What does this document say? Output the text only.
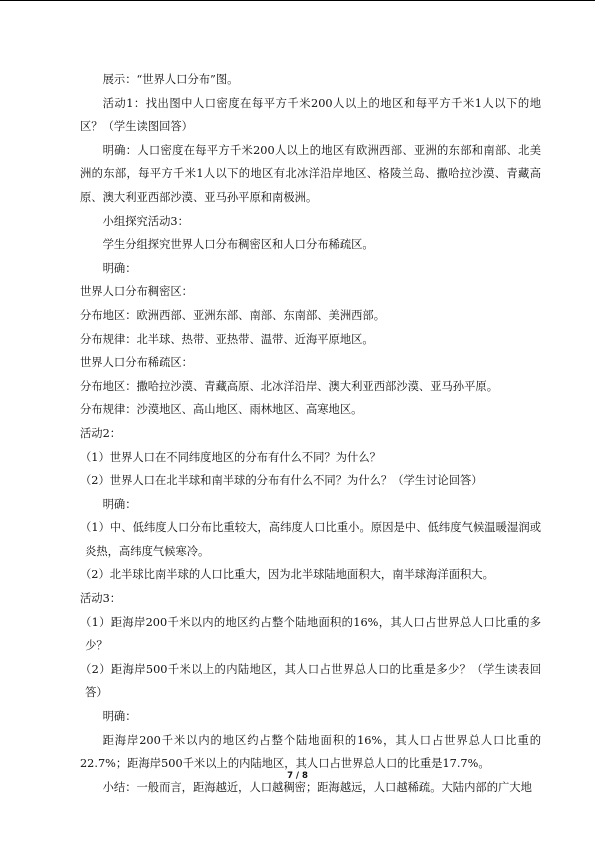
展示：“世界人口分布”图。

活动1：找出图中人口密度在每平方千米200人以上的地区和每平方千米1人以下的地区？（学生读图回答）

明确：人口密度在每平方千米200人以上的地区有欧洲西部、亚洲的东部和南部、北美洲的东部，每平方千米1人以下的地区有北冰洋沿岸地区、格陵兰岛、撒哈拉沙漠、青藏高原、澳大利亚西部沙漠、亚马孙平原和南极洲。

小组探究活动3：

学生分组探究世界人口分布稠密区和人口分布稀疏区。

明确：

世界人口分布稠密区：

分布地区：欧洲西部、亚洲东部、南部、东南部、美洲西部。

分布规律：北半球、热带、亚热带、温带、近海平原地区。

世界人口分布稀疏区：

分布地区：撒哈拉沙漠、青藏高原、北冰洋沿岸、澳大利亚西部沙漠、亚马孙平原。

分布规律：沙漠地区、高山地区、雨林地区、高寒地区。

活动2：

（1）世界人口在不同纬度地区的分布有什么不同？为什么？

（2）世界人口在北半球和南半球的分布有什么不同？为什么？（学生讨论回答）

明确：

（1）中、低纬度人口分布比重较大，高纬度人口比重小。原因是中、低纬度气候温暖湿润或炎热，高纬度气候寒冷。

（2）北半球比南半球的人口比重大，因为北半球陆地面积大，南半球海洋面积大。

活动3：

（1）距海岸200千米以内的地区约占整个陆地面积的16%，其人口占世界总人口比重的多少？

（2）距海岸500千米以上的内陆地区，其人口占世界总人口的比重是多少？（学生读表回答）

明确：

距海岸200千米以内的地区约占整个陆地面积的16%，其人口占世界总人口比重的22.7%；距海岸500千米以上的内陆地区，其人口占世界总人口的比重是17.7%。

小结：一般而言，距海越近，人口越稠密；距海越远，人口越稀疏。大陆内部的广大地

7 / 8
